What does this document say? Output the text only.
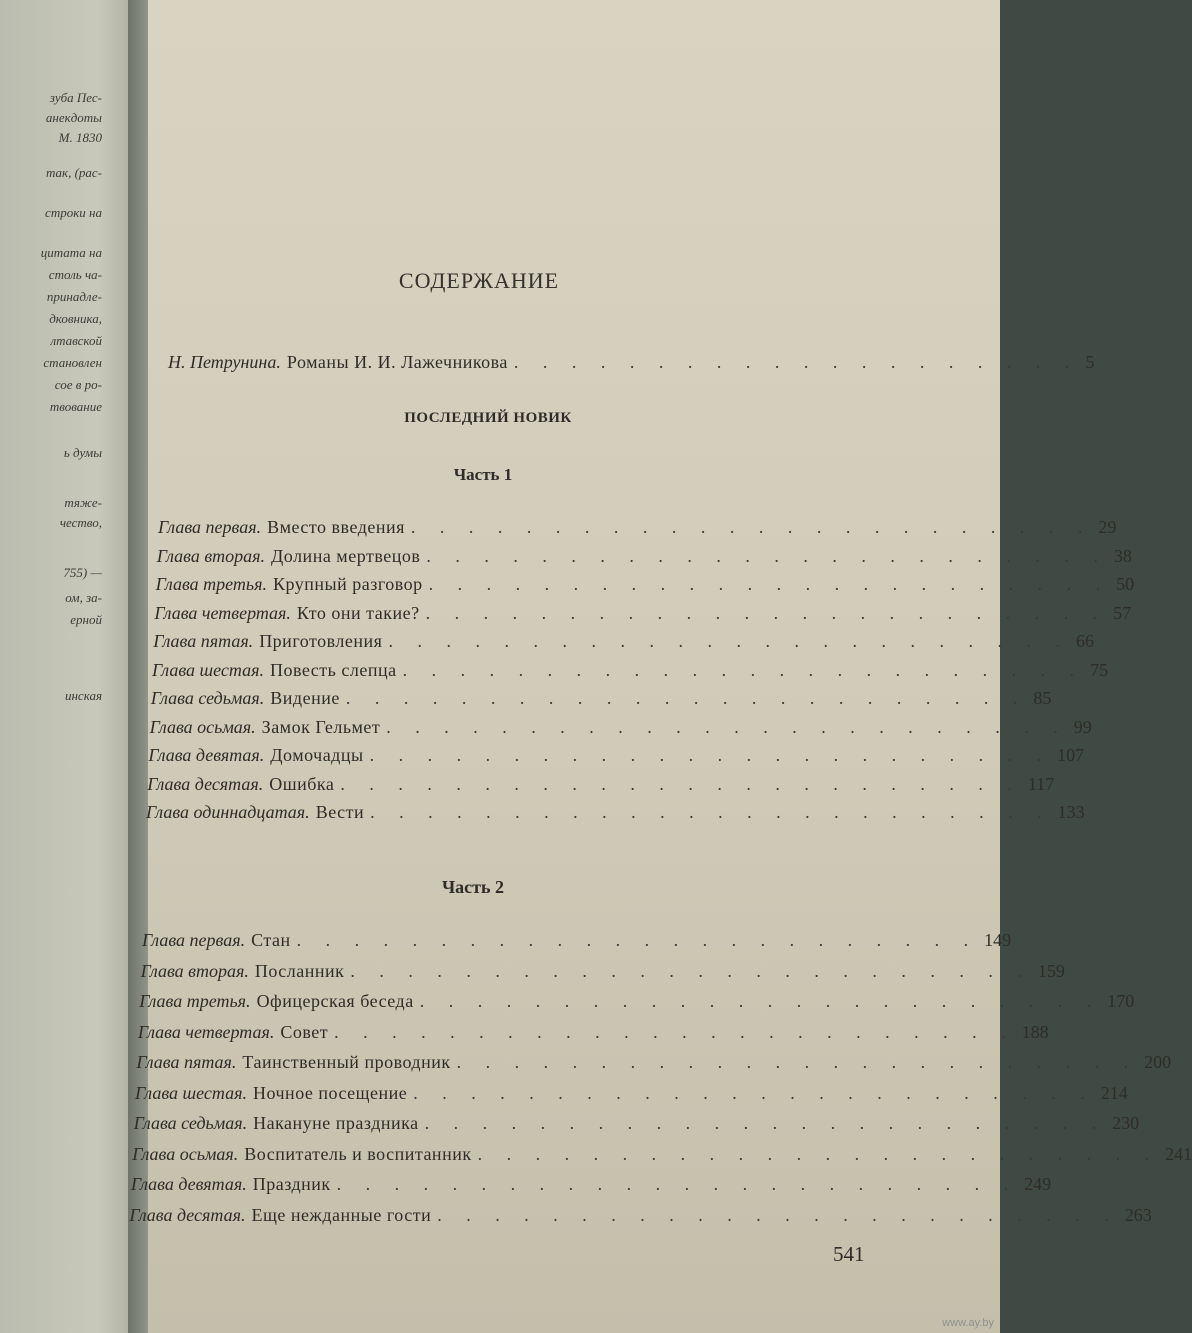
зуба Пес-
анекдоты
М. 1830
так, (рас-
строки на
цитата на
столь ча-
принадле-
дковника,
лтавской
становлен
сое в ро-
твование
ь думы
тяже-
чество,
755) —
ом, за-
ерной
инская
СОДЕРЖАНИЕ
Н. Петрунина. Романы И. И. Лажечникова . . . . . . . . . . . . . . . . . . . . 5
ПОСЛЕДНИЙ НОВИК
Часть 1
Часть 2
Глава первая. Вместо введения . . . . . . . . . . . . . . . . . . . . . . . . 29
Глава вторая. Долина мертвецов . . . . . . . . . . . . . . . . . . . . . . . . 38
Глава третья. Крупный разговор . . . . . . . . . . . . . . . . . . . . . . . . 50
Глава четвертая. Кто они такие? . . . . . . . . . . . . . . . . . . . . . . . . 57
Глава пятая. Приготовления . . . . . . . . . . . . . . . . . . . . . . . . 66
Глава шестая. Повесть слепца . . . . . . . . . . . . . . . . . . . . . . . . 75
Глава седьмая. Видение . . . . . . . . . . . . . . . . . . . . . . . . 85
Глава осьмая. Замок Гельмет . . . . . . . . . . . . . . . . . . . . . . . . 99
Глава девятая. Домочадцы . . . . . . . . . . . . . . . . . . . . . . . . 107
Глава десятая. Ошибка . . . . . . . . . . . . . . . . . . . . . . . . 117
Глава одиннадцатая. Вести . . . . . . . . . . . . . . . . . . . . . . . . 133
Глава первая. Стан . . . . . . . . . . . . . . . . . . . . . . . . 149
Глава вторая. Посланник . . . . . . . . . . . . . . . . . . . . . . . . 159
Глава третья. Офицерская беседа . . . . . . . . . . . . . . . . . . . . . . . . 170
Глава четвертая. Совет . . . . . . . . . . . . . . . . . . . . . . . . 188
Глава пятая. Таинственный проводник . . . . . . . . . . . . . . . . . . . . . . . . 200
Глава шестая. Ночное посещение . . . . . . . . . . . . . . . . . . . . . . . . 214
Глава седьмая. Накануне праздника . . . . . . . . . . . . . . . . . . . . . . . . 230
Глава осьмая. Воспитатель и воспитанник . . . . . . . . . . . . . . . . . . . . . . . . 241
Глава девятая. Праздник . . . . . . . . . . . . . . . . . . . . . . . . 249
Глава десятая. Еще нежданные гости . . . . . . . . . . . . . . . . . . . . . . . . 263
541
www.ay.by
